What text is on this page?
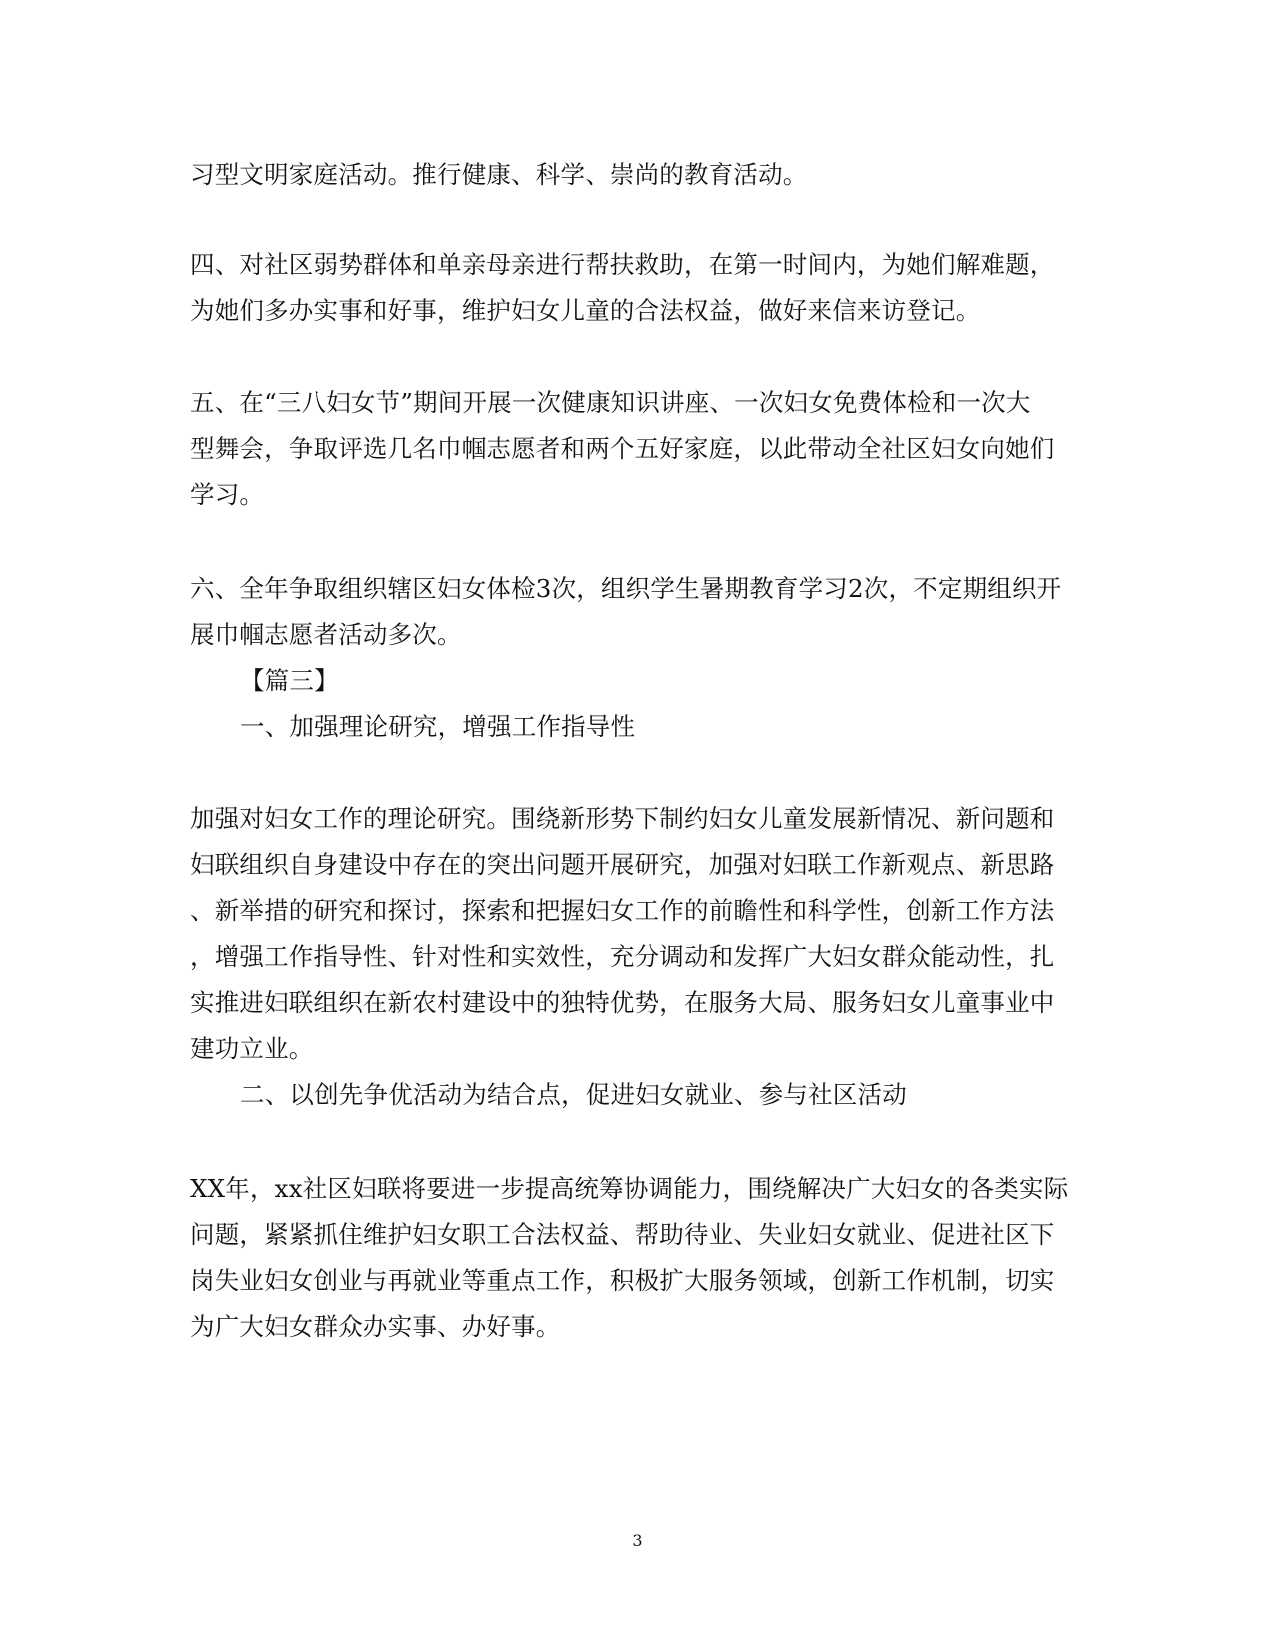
习型文明家庭活动。推行健康、科学、崇尚的教育活动。
四、对社区弱势群体和单亲母亲进行帮扶救助，在第一时间内，为她们解难题，
为她们多办实事和好事，维护妇女儿童的合法权益，做好来信来访登记。
五、在“三八妇女节”期间开展一次健康知识讲座、一次妇女免费体检和一次大
型舞会，争取评选几名巾帼志愿者和两个五好家庭，以此带动全社区妇女向她们
学习。
六、全年争取组织辖区妇女体检3次，组织学生暑期教育学习2次，不定期组织开
展巾帼志愿者活动多次。
【篇三】
一、加强理论研究，增强工作指导性
加强对妇女工作的理论研究。围绕新形势下制约妇女儿童发展新情况、新问题和
妇联组织自身建设中存在的突出问题开展研究，加强对妇联工作新观点、新思路
、新举措的研究和探讨，探索和把握妇女工作的前瞻性和科学性，创新工作方法
，增强工作指导性、针对性和实效性，充分调动和发挥广大妇女群众能动性，扎
实推进妇联组织在新农村建设中的独特优势，在服务大局、服务妇女儿童事业中
建功立业。
二、以创先争优活动为结合点，促进妇女就业、参与社区活动
XX年，xx社区妇联将要进一步提高统筹协调能力，围绕解决广大妇女的各类实际
问题，紧紧抓住维护妇女职工合法权益、帮助待业、失业妇女就业、促进社区下
岗失业妇女创业与再就业等重点工作，积极扩大服务领域，创新工作机制，切实
为广大妇女群众办实事、办好事。
3
